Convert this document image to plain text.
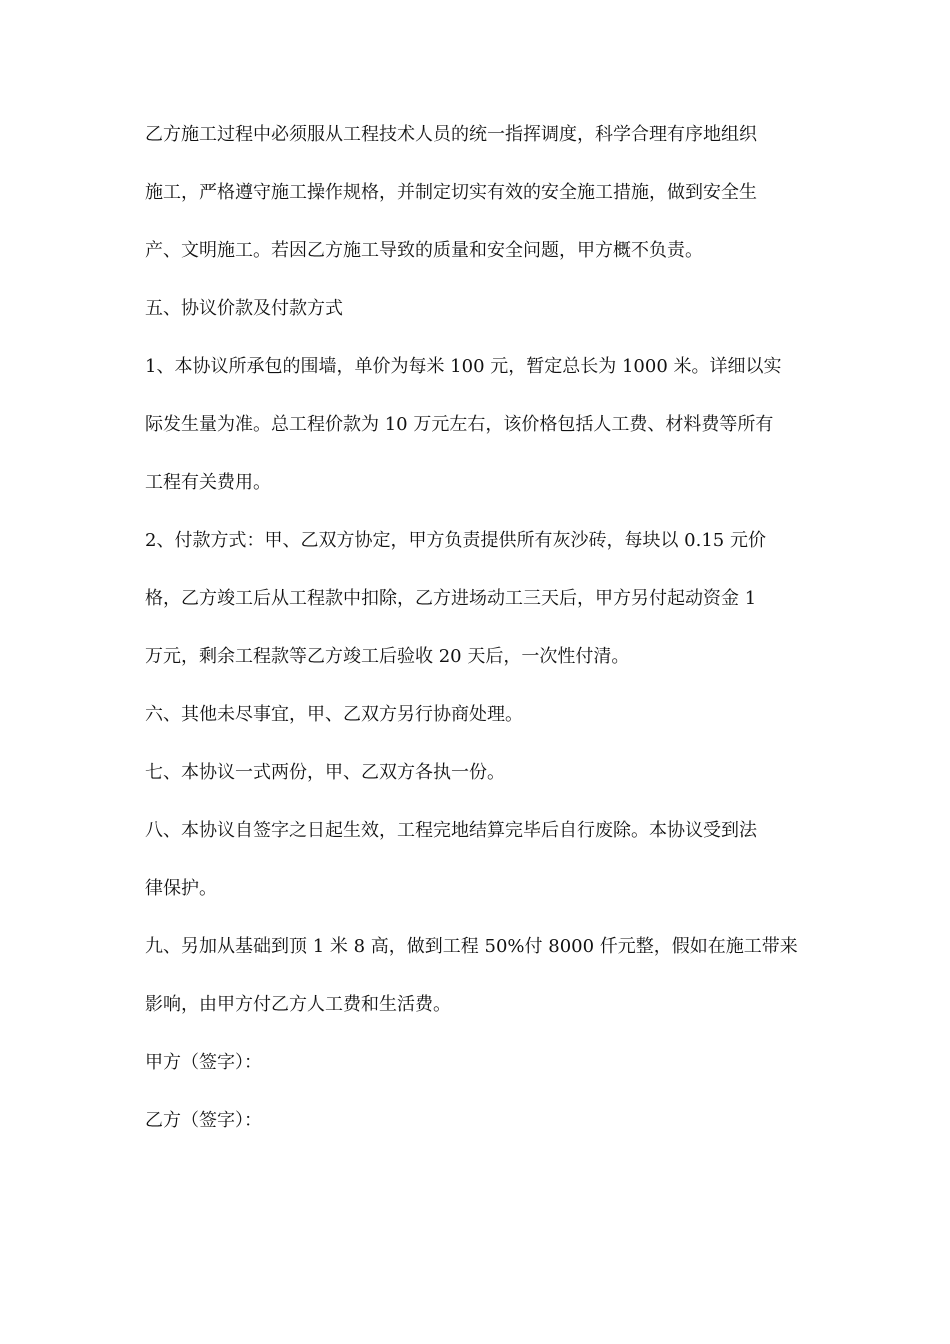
乙方施工过程中必须服从工程技术人员的统一指挥调度，科学合理有序地组织

施工，严格遵守施工操作规格，并制定切实有效的安全施工措施，做到安全生

产、文明施工。若因乙方施工导致的质量和安全问题，甲方概不负责。

五、协议价款及付款方式

1、本协议所承包的围墙，单价为每米 100 元，暂定总长为 1000 米。详细以实

际发生量为准。总工程价款为 10 万元左右，该价格包括人工费、材料费等所有

工程有关费用。

2、付款方式：甲、乙双方协定，甲方负责提供所有灰沙砖，每块以 0.15 元价

格，乙方竣工后从工程款中扣除，乙方进场动工三天后，甲方另付起动资金 1

万元，剩余工程款等乙方竣工后验收 20 天后，一次性付清。

六、其他未尽事宜，甲、乙双方另行协商处理。

七、本协议一式两份，甲、乙双方各执一份。

八、本协议自签字之日起生效，工程完地结算完毕后自行废除。本协议受到法

律保护。

九、另加从基础到顶 1 米 8 高，做到工程 50%付 8000 仟元整，假如在施工带来

影响，由甲方付乙方人工费和生活费。

甲方（签字）：

乙方（签字）：
